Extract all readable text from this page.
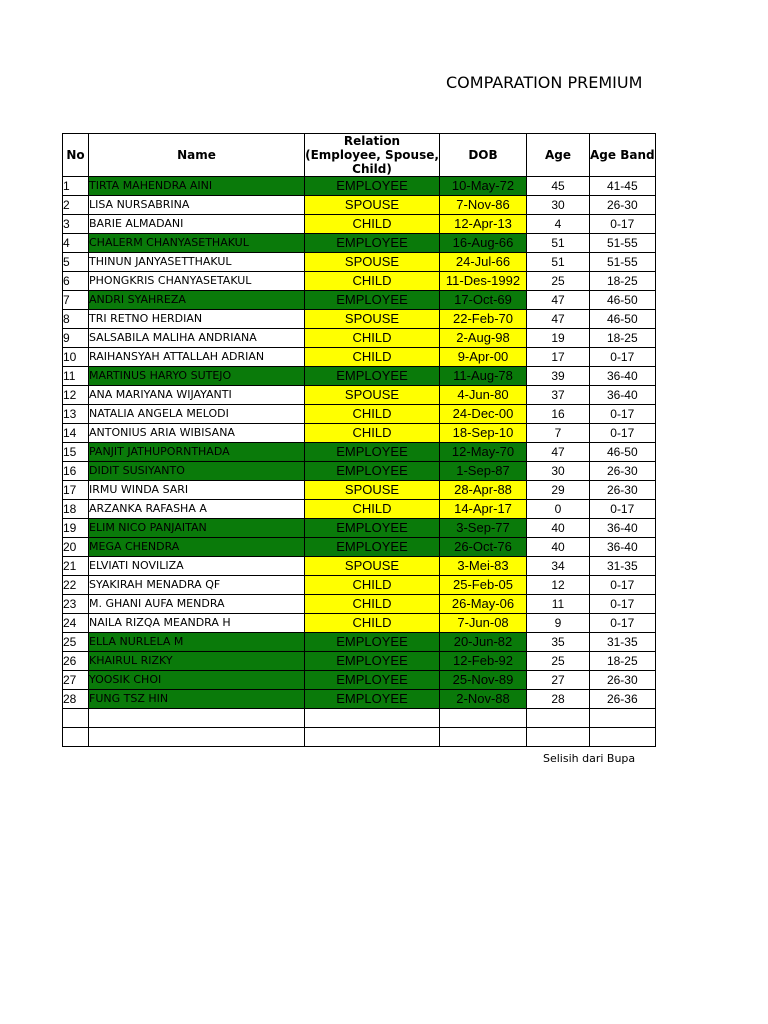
COMPARATION PREMIUM
No	Name	Relation (Employee, Spouse, Child)	DOB	Age	Age Band
1	TIRTA MAHENDRA AINI	EMPLOYEE	10-May-72	45	41-45
2	LISA NURSABRINA	SPOUSE	7-Nov-86	30	26-30
3	BARIE ALMADANI	CHILD	12-Apr-13	4	0-17
4	CHALERM CHANYASETHAKUL	EMPLOYEE	16-Aug-66	51	51-55
5	THINUN JANYASETTHAKUL	SPOUSE	24-Jul-66	51	51-55
6	PHONGKRIS CHANYASETAKUL	CHILD	11-Des-1992	25	18-25
7	ANDRI SYAHREZA	EMPLOYEE	17-Oct-69	47	46-50
8	TRI RETNO HERDIAN	SPOUSE	22-Feb-70	47	46-50
9	SALSABILA MALIHA ANDRIANA	CHILD	2-Aug-98	19	18-25
10	RAIHANSYAH ATTALLAH ADRIAN	CHILD	9-Apr-00	17	0-17
11	MARTINUS HARYO SUTEJO	EMPLOYEE	11-Aug-78	39	36-40
12	ANA MARIYANA WIJAYANTI	SPOUSE	4-Jun-80	37	36-40
13	NATALIA ANGELA MELODI	CHILD	24-Dec-00	16	0-17
14	ANTONIUS ARIA WIBISANA	CHILD	18-Sep-10	7	0-17
15	PANJIT JATHUPORNTHADA	EMPLOYEE	12-May-70	47	46-50
16	DIDIT SUSIYANTO	EMPLOYEE	1-Sep-87	30	26-30
17	IRMU WINDA SARI	SPOUSE	28-Apr-88	29	26-30
18	ARZANKA RAFASHA A	CHILD	14-Apr-17	0	0-17
19	ELIM NICO PANJAITAN	EMPLOYEE	3-Sep-77	40	36-40
20	MEGA CHENDRA	EMPLOYEE	26-Oct-76	40	36-40
21	ELVIATI NOVILIZA	SPOUSE	3-Mei-83	34	31-35
22	SYAKIRAH MENADRA QF	CHILD	25-Feb-05	12	0-17
23	M. GHANI AUFA MENDRA	CHILD	26-May-06	11	0-17
24	NAILA RIZQA MEANDRA H	CHILD	7-Jun-08	9	0-17
25	ELLA NURLELA M	EMPLOYEE	20-Jun-82	35	31-35
26	KHAIRUL RIZKY	EMPLOYEE	12-Feb-92	25	18-25
27	YOOSIK CHOI	EMPLOYEE	25-Nov-89	27	26-30
28	FUNG TSZ HIN	EMPLOYEE	2-Nov-88	28	26-36

Selisih dari Bupa
